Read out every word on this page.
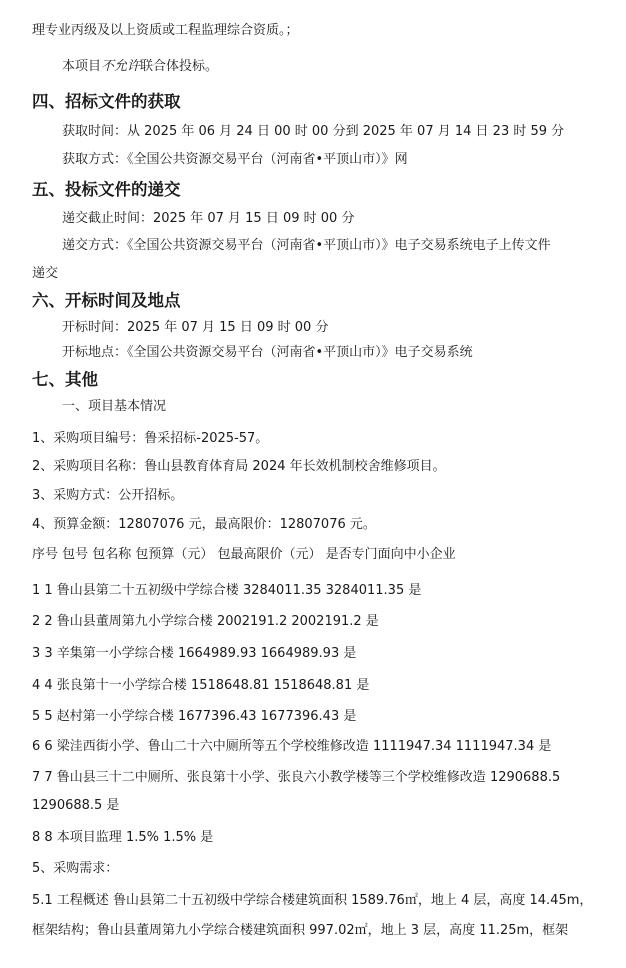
理专业丙级及以上资质或工程监理综合资质。；
本项目不允许联合体投标。
四、招标文件的获取
获取时间：从 2025 年 06 月 24 日 00 时 00 分到 2025 年 07 月 14 日 23 时 59 分
获取方式：《全国公共资源交易平台（河南省•平顶山市）》网
五、投标文件的递交
递交截止时间：2025 年 07 月 15 日 09 时 00 分
递交方式：《全国公共资源交易平台（河南省•平顶山市）》电子交易系统电子上传文件
递交
六、开标时间及地点
开标时间：2025 年 07 月 15 日 09 时 00 分
开标地点：《全国公共资源交易平台（河南省•平顶山市）》电子交易系统
七、其他
一、项目基本情况
1、采购项目编号：鲁采招标-2025-57。
2、采购项目名称：鲁山县教育体育局 2024 年长效机制校舍维修项目。
3、采购方式：公开招标。
4、预算金额：12807076 元，最高限价：12807076 元。
序号 包号 包名称 包预算（元） 包最高限价（元） 是否专门面向中小企业
1 1 鲁山县第二十五初级中学综合楼 3284011.35 3284011.35 是
2 2 鲁山县董周第九小学综合楼 2002191.2 2002191.2 是
3 3 辛集第一小学综合楼 1664989.93 1664989.93 是
4 4 张良第十一小学综合楼 1518648.81 1518648.81 是
5 5 赵村第一小学综合楼 1677396.43 1677396.43 是
6 6 梁洼西街小学、鲁山二十六中厕所等五个学校维修改造 1111947.34 1111947.34 是
7 7 鲁山县三十二中厕所、张良第十小学、张良六小教学楼等三个学校维修改造 1290688.5
1290688.5 是
8 8 本项目监理 1.5% 1.5% 是
5、采购需求：
5.1 工程概述 鲁山县第二十五初级中学综合楼建筑面积 1589.76㎡，地上 4 层，高度 14.45m，
框架结构；鲁山县董周第九小学综合楼建筑面积 997.02㎡，地上 3 层，高度 11.25m，框架
